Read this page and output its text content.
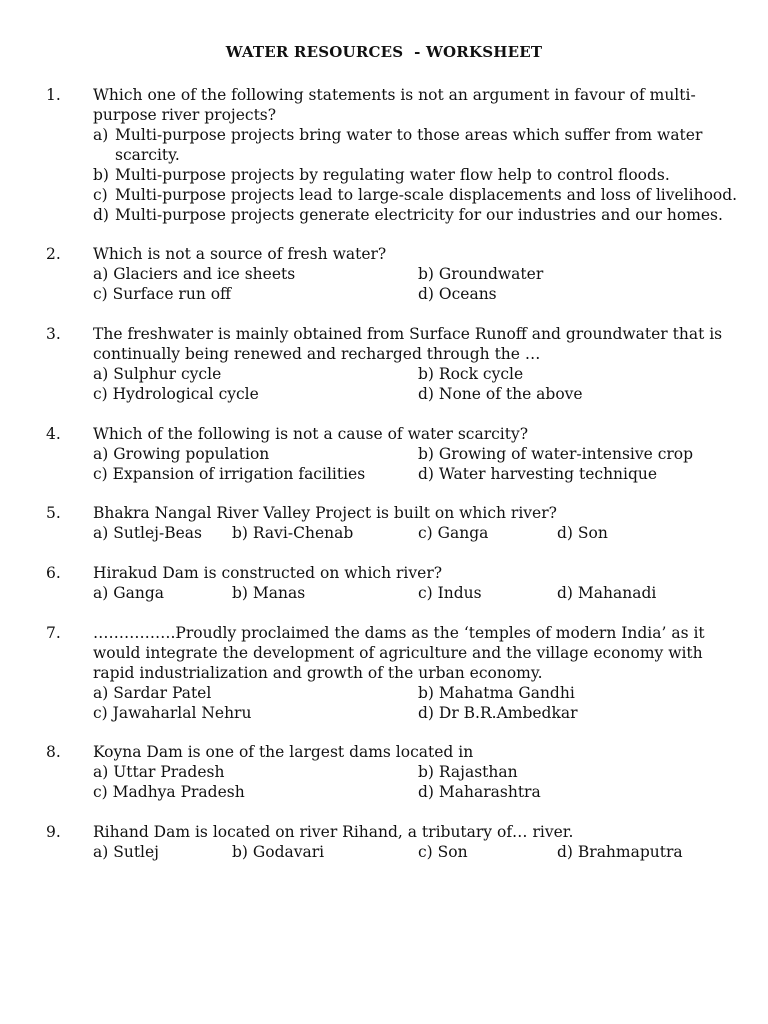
WATER RESOURCES  - WORKSHEET
1. Which one of the following statements is not an argument in favour of multi-
purpose river projects?
a) Multi-purpose projects bring water to those areas which suffer from water
scarcity.
b) Multi-purpose projects by regulating water flow help to control floods.
c) Multi-purpose projects lead to large-scale displacements and loss of livelihood.
d) Multi-purpose projects generate electricity for our industries and our homes.
2. Which is not a source of fresh water?
a) Glaciers and ice sheets	b) Groundwater
c) Surface run off	d) Oceans
3. The freshwater is mainly obtained from Surface Runoff and groundwater that is
continually being renewed and recharged through the …
a) Sulphur cycle	b) Rock cycle
c) Hydrological cycle	d) None of the above
4. Which of the following is not a cause of water scarcity?
a) Growing population	b) Growing of water-intensive crop
c) Expansion of irrigation facilities	d) Water harvesting technique
5. Bhakra Nangal River Valley Project is built on which river?
a) Sutlej-Beas b) Ravi-Chenab	c) Ganga	d) Son
6. Hirakud Dam is constructed on which river?
a) Ganga	b) Manas	c) Indus	d) Mahanadi
7. …………….Proudly proclaimed the dams as the ‘temples of modern India’ as it
would integrate the development of agriculture and the village economy with
rapid industrialization and growth of the urban economy.
a) Sardar Patel	b) Mahatma Gandhi
c) Jawaharlal Nehru	d) Dr B.R.Ambedkar
8. Koyna Dam is one of the largest dams located in
a) Uttar Pradesh	b) Rajasthan
c) Madhya Pradesh	d) Maharashtra
9. Rihand Dam is located on river Rihand, a tributary of… river.
a) Sutlej	b) Godavari	c) Son	d) Brahmaputra
